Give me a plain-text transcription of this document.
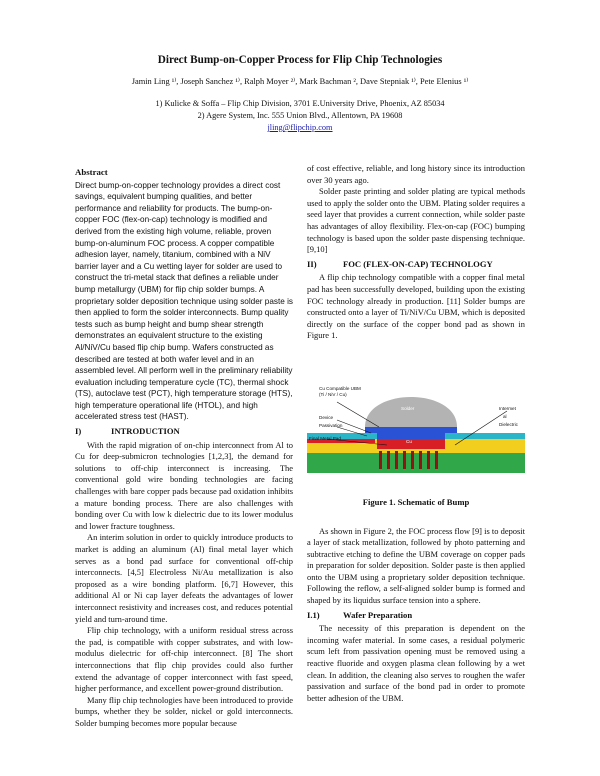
Direct Bump-on-Copper Process for Flip Chip Technologies
Jamin Ling ¹⁾, Joseph Sanchez ¹⁾, Ralph Moyer ²⁾, Mark Bachman ², Dave Stepniak ¹⁾, Pete Elenius ¹⁾
1) Kulicke & Soffa – Flip Chip Division, 3701 E.University Drive, Phoenix, AZ 85034
2) Agere System, Inc. 555 Union Blvd., Allentown, PA 19608
jling@flipchip.com
Abstract
Direct bump-on-copper technology provides a direct cost savings, equivalent bumping qualities, and better performance and reliability for products. The bump-on-copper FOC (flex-on-cap) technology is modified and derived from the existing high volume, reliable, proven bump-on-aluminum FOC process. A copper compatible adhesion layer, namely, titanium, combined with a NiV barrier layer and a Cu wetting layer for solder are used to construct the tri-metal stack that defines a reliable under bump metallurgy (UBM) for flip chip solder bumps. A proprietary solder deposition technique using solder paste is then applied to form the solder interconnects. Bump quality tests such as bump height and bump shear strength demonstrates an equivalent structure to the existing Al/NiV/Cu based flip chip bump. Wafers constructed as described are tested at both wafer level and in an assembled level. All perform well in the preliminary reliability evaluation including temperature cycle (TC), thermal shock (TS), autoclave test (PCT), high temperature storage (HTS), high temperature operational life (HTOL), and high accelerated stress test (HAST).
I)	INTRODUCTION

With the rapid migration of on-chip interconnect from Al to Cu for deep-submicron technologies [1,2,3], the demand for solutions to off-chip interconnect is increasing. The conventional gold wire bonding technologies are facing challenges with bare copper pads because pad oxidation inhibits a mature bonding process. There are also challenges with bonding over Cu with low k dielectric due to its lower modulus and lower fracture toughness.

An interim solution in order to quickly introduce products to market is adding an aluminum (Al) final metal layer which serves as a bond pad surface for conventional off-chip interconnects. [4,5] Electroless Ni/Au metallization is also proposed as a wire bonding platform. [6,7] However, this additional Al or Ni cap layer defeats the advantages of lower interconnect resistivity and increases cost, and reduces potential yield and turn-around time.

Flip chip technology, with a uniform residual stress across the pad, is compatible with copper substrates, and with low-modulus dielectric for off-chip interconnect. [8] The short interconnections that flip chip provides could also further extend the advantage of copper interconnect with fast speed, higher performance, and excellent power-ground distribution.

Many flip chip technologies have been introduced to provide bumps, whether they be solder, nickel or gold interconnects. Solder bumping becomes more popular because

of cost effective, reliable, and long history since its introduction over 30 years ago.

Solder paste printing and solder plating are typical methods used to apply the solder onto the UBM. Plating solder requires a seed layer that provides a current connection, while solder paste has advantages of alloy flexibility. Flex-on-cap (FOC) bumping technology is based upon the solder paste dispensing technique. [9,10]

II)	FOC (FLEX-ON-CAP) TECHNOLOGY

A flip chip technology compatible with a copper final metal pad has been successfully developed, building upon the existing FOC technology already in production. [11] Solder bumps are constructed onto a layer of Ti/NiV/Cu UBM, which is deposited directly on the surface of the copper bond pad as shown in Figure 1.

Cu Compatible UBM
(Ti / NiV / Cu)
Solder
Device
Passivation
Final Metal Pad
Cu
Intermet
al
Dielectric
Figure 1. Schematic of Bump

As shown in Figure 2, the FOC process flow [9] is to deposit a layer of stack metallization, followed by photo patterning and subtractive etching to define the UBM coverage on copper pads in preparation for solder deposition. Solder paste is then applied onto the UBM using a proprietary solder deposition technique. Following the reflow, a self-aligned solder bump is formed and shaped by its liquidus surface tension into a sphere.

I.1)	Wafer Preparation

The necessity of this preparation is dependent on the incoming wafer material. In some cases, a residual polymeric scum left from passivation opening must be removed using a reactive fluoride and oxygen plasma clean following by a wet clean. In addition, the cleaning also serves to roughen the wafer passivation and surface of the bond pad in order to promote better adhesion of the UBM.
